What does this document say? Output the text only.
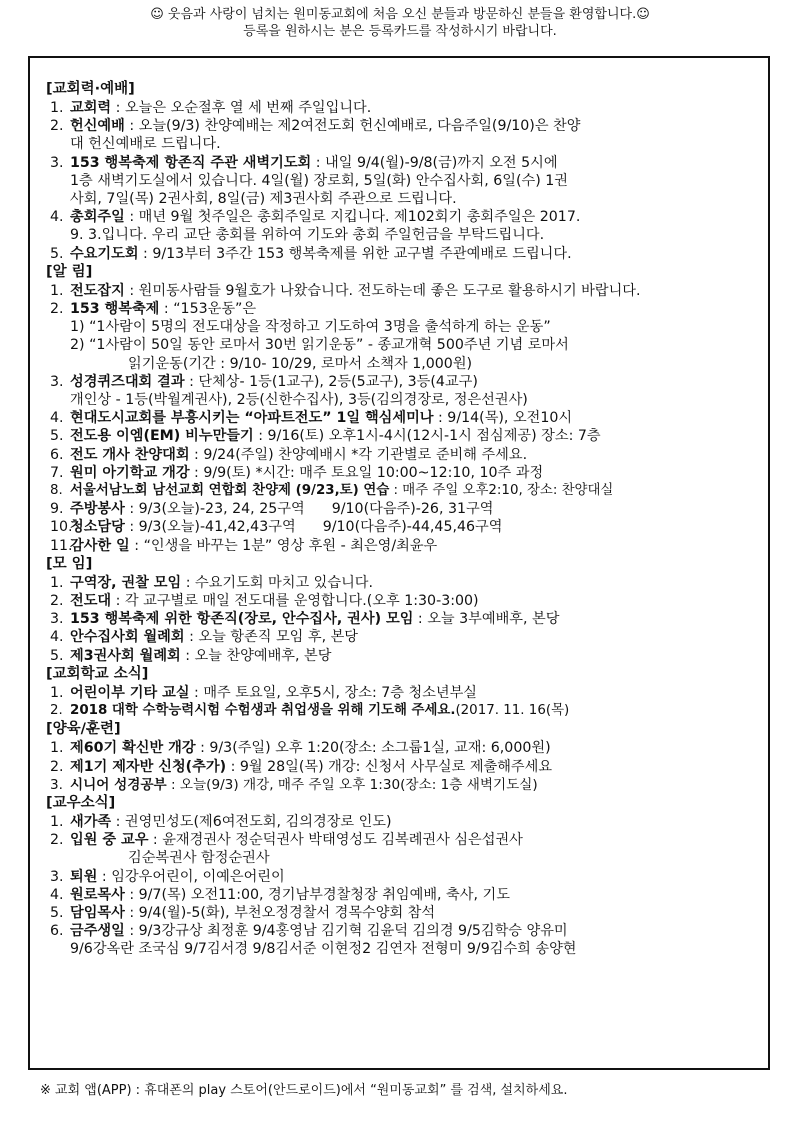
☺ 웃음과 사랑이 넘치는 원미동교회에 처음 오신 분들과 방문하신 분들을 환영합니다.☺
등록을 원하시는 분은 등록카드를 작성하시기 바랍니다.
[교회력·예배]
1. 교회력 : 오늘은 오순절후 열 세 번째 주일입니다.
2. 헌신예배 : 오늘(9/3) 찬양예배는 제2여전도회 헌신예배로, 다음주일(9/10)은 찬양
대 헌신예배로 드립니다.
3. 153 행복축제 항존직 주관 새벽기도회 : 내일 9/4(월)-9/8(금)까지 오전 5시에
1층 새벽기도실에서 있습니다. 4일(월) 장로회, 5일(화) 안수집사회, 6일(수) 1권
사회, 7일(목) 2권사회, 8일(금) 제3권사회 주관으로 드립니다.
4. 총회주일 : 매년 9월 첫주일은 총회주일로 지킵니다. 제102회기 총회주일은 2017.
9. 3.입니다. 우리 교단 총회를 위하여 기도와 총회 주일헌금을 부탁드립니다.
5. 수요기도회 : 9/13부터 3주간 153 행복축제를 위한 교구별 주관예배로 드립니다.
[알 림]
1. 전도잡지 : 원미동사람들 9월호가 나왔습니다. 전도하는데 좋은 도구로 활용하시기 바랍니다.
2. 153 행복축제 : “153운동”은
1) “1사람이 5명의 전도대상을 작정하고 기도하여 3명을 출석하게 하는 운동”
2) “1사람이 50일 동안 로마서 30번 읽기운동” - 종교개혁 500주년 기념 로마서
읽기운동(기간 : 9/10- 10/29, 로마서 소책자 1,000원)
3. 성경퀴즈대회 결과 : 단체상- 1등(1교구), 2등(5교구), 3등(4교구)
개인상 - 1등(박월계권사), 2등(신한수집사), 3등(김의경장로, 정은선권사)
4. 현대도시교회를 부흥시키는 “아파트전도” 1일 핵심세미나 : 9/14(목), 오전10시
5. 전도용 이엠(EM) 비누만들기 : 9/16(토) 오후1시-4시(12시-1시 점심제공) 장소: 7층
6. 전도 개사 찬양대회 : 9/24(주일) 찬양예배시 *각 기관별로 준비해 주세요.
7. 원미 아기학교 개강 : 9/9(토) *시간: 매주 토요일 10:00~12:10, 10주 과정
8. 서울서남노회 남선교회 연합회 찬양제 (9/23,토) 연습 : 매주 주일 오후2:10, 장소: 찬양대실
9. 주방봉사 : 9/3(오늘)-23, 24, 25구역      9/10(다음주)-26, 31구역
10.
청소담당 : 9/3(오늘)-41,42,43구역      9/10(다음주)-44,45,46구역
11.
감사한 일 : “인생을 바꾸는 1분” 영상 후원 - 최은영/최윤우
[모 임]
1. 구역장, 권찰 모임 : 수요기도회 마치고 있습니다.
2. 전도대 : 각 교구별로 매일 전도대를 운영합니다.(오후 1:30-3:00)
3. 153 행복축제 위한 항존직(장로, 안수집사, 권사) 모임 : 오늘 3부예배후, 본당
4. 안수집사회 월례회 : 오늘 항존직 모임 후, 본당
5. 제3권사회 월례회 : 오늘 찬양예배후, 본당
[교회학교 소식]
1. 어린이부 기타 교실 : 매주 토요일, 오후5시, 장소: 7층 청소년부실
2. 2018 대학 수학능력시험 수험생과 취업생을 위해 기도해 주세요.(2017. 11. 16(목)
[양육/훈련]
1. 제60기 확신반 개강 : 9/3(주일) 오후 1:20(장소: 소그룹1실, 교재: 6,000원)
2. 제1기 제자반 신청(추가) : 9월 28일(목) 개강: 신청서 사무실로 제출해주세요
3. 시니어 성경공부 : 오늘(9/3) 개강, 매주 주일 오후 1:30(장소: 1층 새벽기도실)
[교우소식]
1. 새가족 : 권영민성도(제6여전도회, 김의경장로 인도)
2. 입원 중 교우 : 윤재경권사 정순덕권사 박태영성도 김복례권사 심은섭권사
김순복권사 함정순권사
3. 퇴원 : 임강우어린이, 이예은어린이
4. 원로목사 : 9/7(목) 오전11:00, 경기남부경찰청장 취임예배, 축사, 기도
5. 담임목사 : 9/4(월)-5(화), 부천오정경찰서 경목수양회 참석
6. 금주생일 : 9/3강규상 최정훈 9/4홍영남 김기혁 김윤덕 김의경 9/5김학승 양유미
9/6강옥란 조국심 9/7김서경 9/8김서준 이현정2 김연자 전형미 9/9김수희 송양현
※ 교회 앱(APP) : 휴대폰의 play 스토어(안드로이드)에서 “원미동교회” 를 검색, 설치하세요.
